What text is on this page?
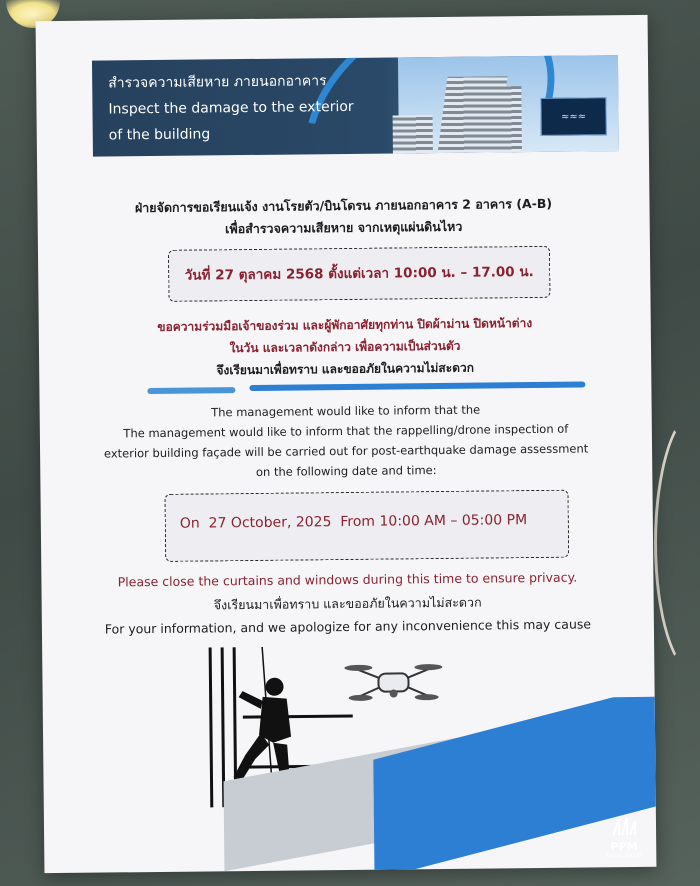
สำรวจความเสียหาย ภายนอกอาคาร
Inspect the damage to the exterior
of the building
≈≈≈
ฝ่ายจัดการขอเรียนแจ้ง งานโรยตัว/บินโดรน ภายนอกอาคาร 2 อาคาร (A-B)
เพื่อสำรวจความเสียหาย จากเหตุแผ่นดินไหว
วันที่ 27 ตุลาคม 2568 ตั้งแต่เวลา 10:00 น. – 17.00 น.
ขอความร่วมมือเจ้าของร่วม และผู้พักอาศัยทุกท่าน ปิดผ้าม่าน ปิดหน้าต่าง
ในวัน และเวลาดังกล่าว เพื่อความเป็นส่วนตัว
จึงเรียนมาเพื่อทราบ และขออภัยในความไม่สะดวก
The management would like to inform that the
The management would like to inform that the rappelling/drone inspection of
exterior building façade will be carried out for post-earthquake damage assessment
on the following date and time:
On  27 October, 2025  From 10:00 AM – 05:00 PM
Please close the curtains and windows during this time to ensure privacy.
จึงเรียนมาเพื่อทราบ และขออภัยในความไม่สะดวก
For your information, and we apologize for any inconvenience this may cause
PPM
MANAGEMENT
